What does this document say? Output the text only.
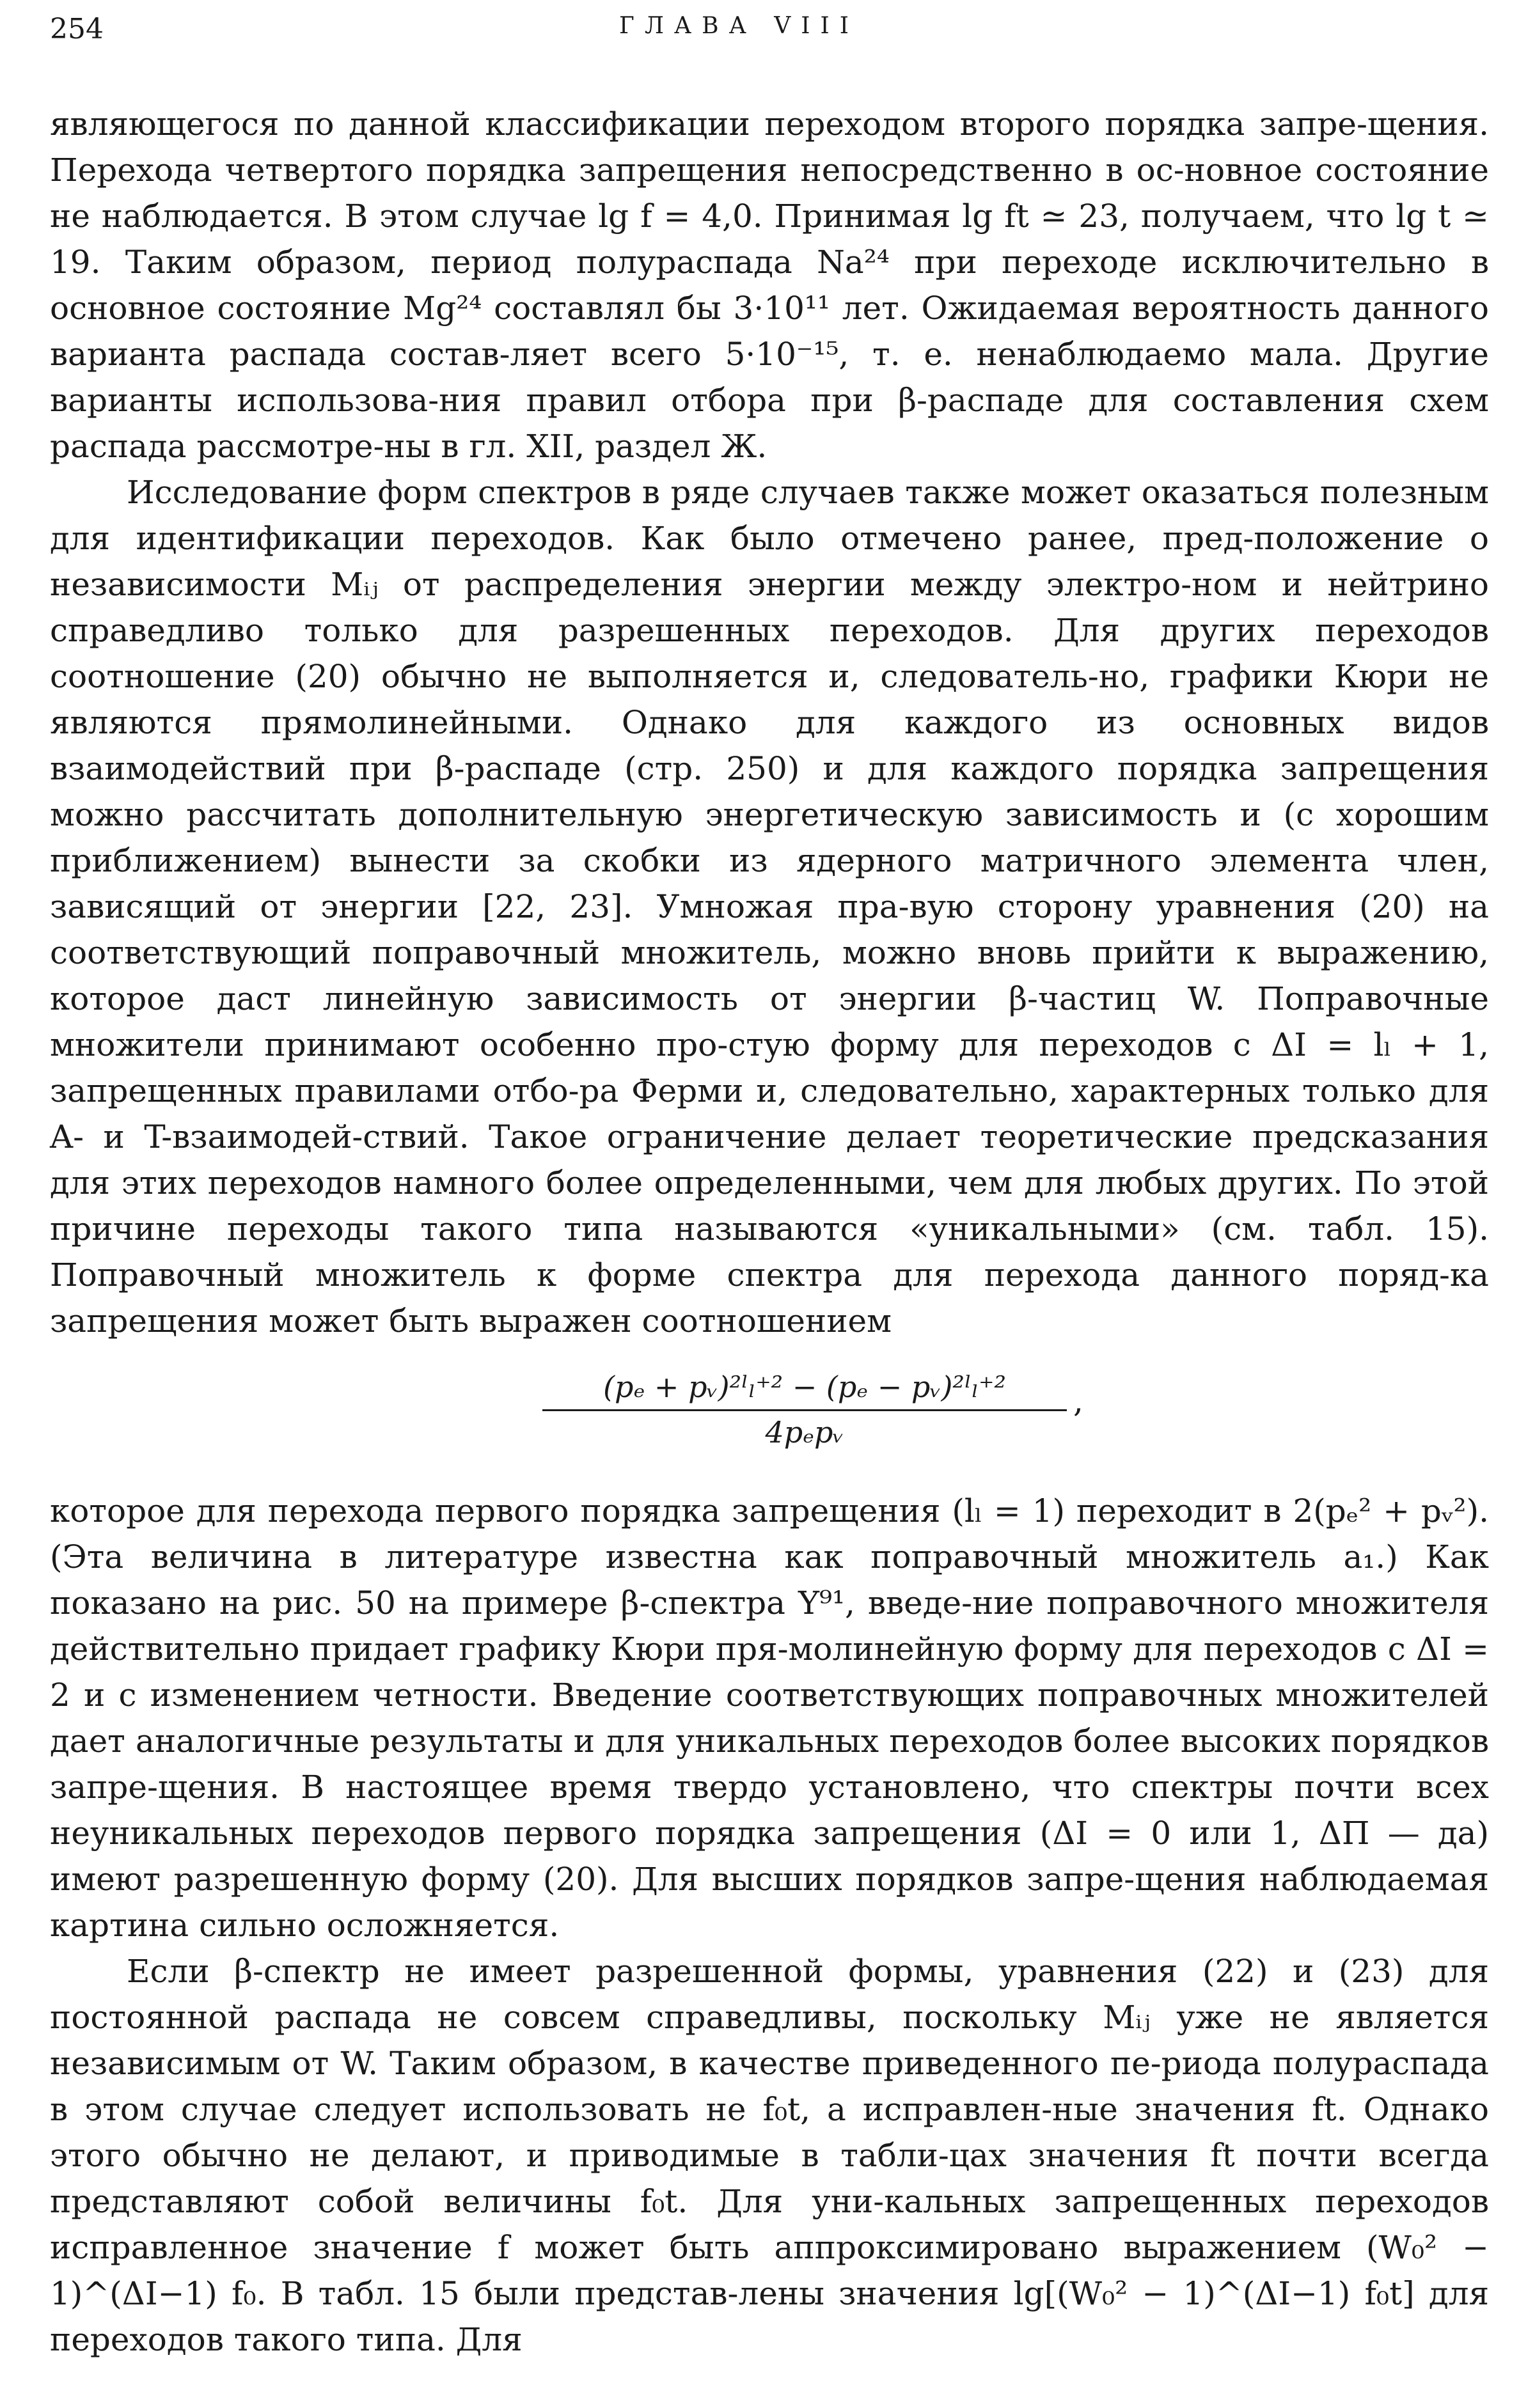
254	ГЛАВА VIII

являющегося по данной классификации переходом второго порядка запре-щения. Перехода четвертого порядка запрещения непосредственно в ос-новное состояние не наблюдается. В этом случае lg f = 4,0. Принимая lg ft ≃ 23, получаем, что lg t ≃ 19. Таким образом, период полураспада Na²⁴ при переходе исключительно в основное состояние Mg²⁴ составлял бы 3·10¹¹ лет. Ожидаемая вероятность данного варианта распада состав-ляет всего 5·10⁻¹⁵, т. е. ненаблюдаемо мала. Другие варианты использова-ния правил отбора при β-распаде для составления схем распада рассмотре-ны в гл. XII, раздел Ж.

Исследование форм спектров в ряде случаев также может оказаться полезным для идентификации переходов. Как было отмечено ранее, пред-положение о независимости Mᵢⱼ от распределения энергии между электро-ном и нейтрино справедливо только для разрешенных переходов. Для других переходов соотношение (20) обычно не выполняется и, следователь-но, графики Кюри не являются прямолинейными. Однако для каждого из основных видов взаимодействий при β-распаде (стр. 250) и для каждого порядка запрещения можно рассчитать дополнительную энергетическую зависимость и (с хорошим приближением) вынести за скобки из ядерного матричного элемента член, зависящий от энергии [22, 23]. Умножая пра-вую сторону уравнения (20) на соответствующий поправочный множитель, можно вновь прийти к выражению, которое даст линейную зависимость от энергии β-частиц W. Поправочные множители принимают особенно про-стую форму для переходов с ΔI = lₗ + 1, запрещенных правилами отбо-ра Ферми и, следовательно, характерных только для A- и T-взаимодей-ствий. Такое ограничение делает теоретические предсказания для этих переходов намного более определенными, чем для любых других. По этой причине переходы такого типа называются «уникальными» (см. табл. 15). Поправочный множитель к форме спектра для перехода данного поряд-ка запрещения может быть выражен соотношением

(pₑ + pᵥ)²ˡₗ⁺² − (pₑ − pᵥ)²ˡₗ⁺²
4pₑpᵥ
,

которое для перехода первого порядка запрещения (lₗ = 1) переходит в 2(pₑ² + pᵥ²). (Эта величина в литературе известна как поправочный множитель a₁.) Как показано на рис. 50 на примере β-спектра Y⁹¹, введе-ние поправочного множителя действительно придает графику Кюри пря-молинейную форму для переходов с ΔI = 2 и с изменением четности. Введение соответствующих поправочных множителей дает аналогичные результаты и для уникальных переходов более высоких порядков запре-щения. В настоящее время твердо установлено, что спектры почти всех неуникальных переходов первого порядка запрещения (ΔI = 0 или 1, ΔП — да) имеют разрешенную форму (20). Для высших порядков запре-щения наблюдаемая картина сильно осложняется.

Если β-спектр не имеет разрешенной формы, уравнения (22) и (23) для постоянной распада не совсем справедливы, поскольку Mᵢⱼ уже не является независимым от W. Таким образом, в качестве приведенного пе-риода полураспада в этом случае следует использовать не f₀t, а исправлен-ные значения ft. Однако этого обычно не делают, и приводимые в табли-цах значения ft почти всегда представляют собой величины f₀t. Для уни-кальных запрещенных переходов исправленное значение f может быть аппроксимировано выражением (W₀² − 1)^(ΔI−1) f₀. В табл. 15 были представ-лены значения lg[(W₀² − 1)^(ΔI−1) f₀t] для переходов такого типа. Для
